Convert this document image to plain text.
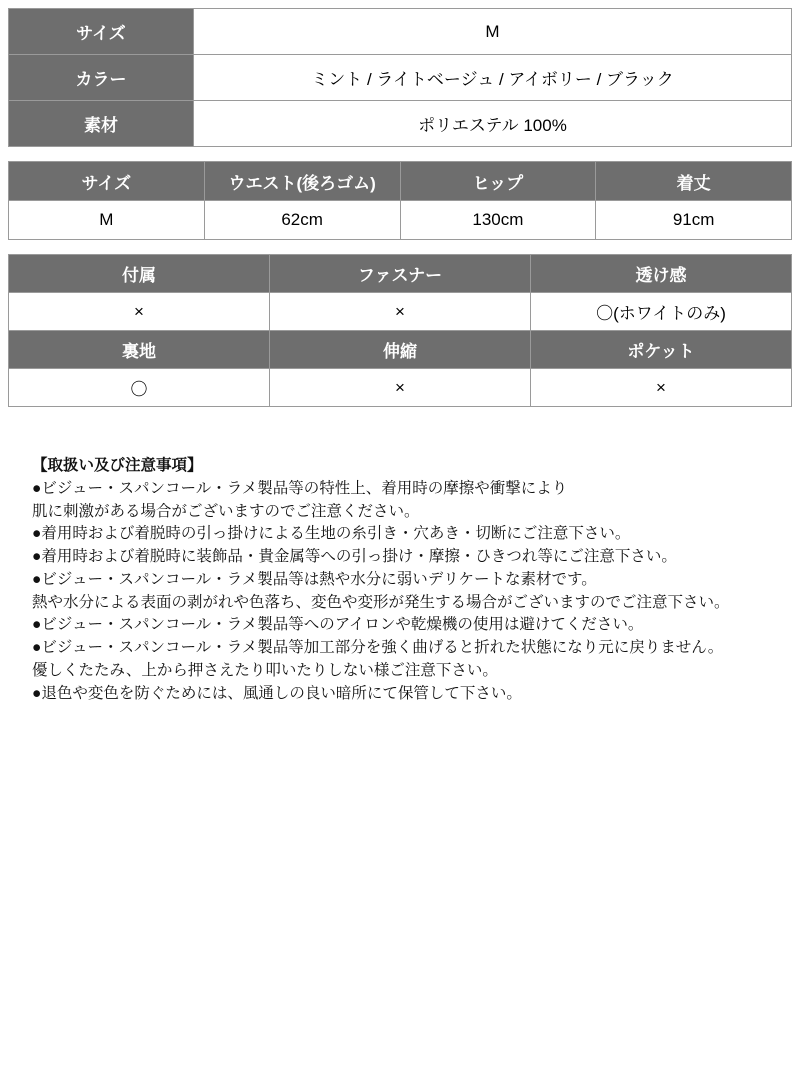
サイズ	M
カラー	ミント / ライトベージュ / アイボリー / ブラック
素材	ポリエステル 100%
サイズ	ウエスト(後ろゴム)	ヒップ	着丈
M	62cm	130cm	91cm
付属	ファスナー	透け感
×	×	〇(ホワイトのみ)
裏地	伸縮	ポケット
〇	×	×
【取扱い及び注意事項】
●ビジュー・スパンコール・ラメ製品等の特性上、着用時の摩擦や衝撃により
肌に刺激がある場合がございますのでご注意ください。
●着用時および着脱時の引っ掛けによる生地の糸引き・穴あき・切断にご注意下さい。
●着用時および着脱時に装飾品・貴金属等への引っ掛け・摩擦・ひきつれ等にご注意下さい。
●ビジュー・スパンコール・ラメ製品等は熱や水分に弱いデリケートな素材です。
熱や水分による表面の剥がれや色落ち、変色や変形が発生する場合がございますのでご注意下さい。
●ビジュー・スパンコール・ラメ製品等へのアイロンや乾燥機の使用は避けてください。
●ビジュー・スパンコール・ラメ製品等加工部分を強く曲げると折れた状態になり元に戻りません。
優しくたたみ、上から押さえたり叩いたりしない様ご注意下さい。
●退色や変色を防ぐためには、風通しの良い暗所にて保管して下さい。
